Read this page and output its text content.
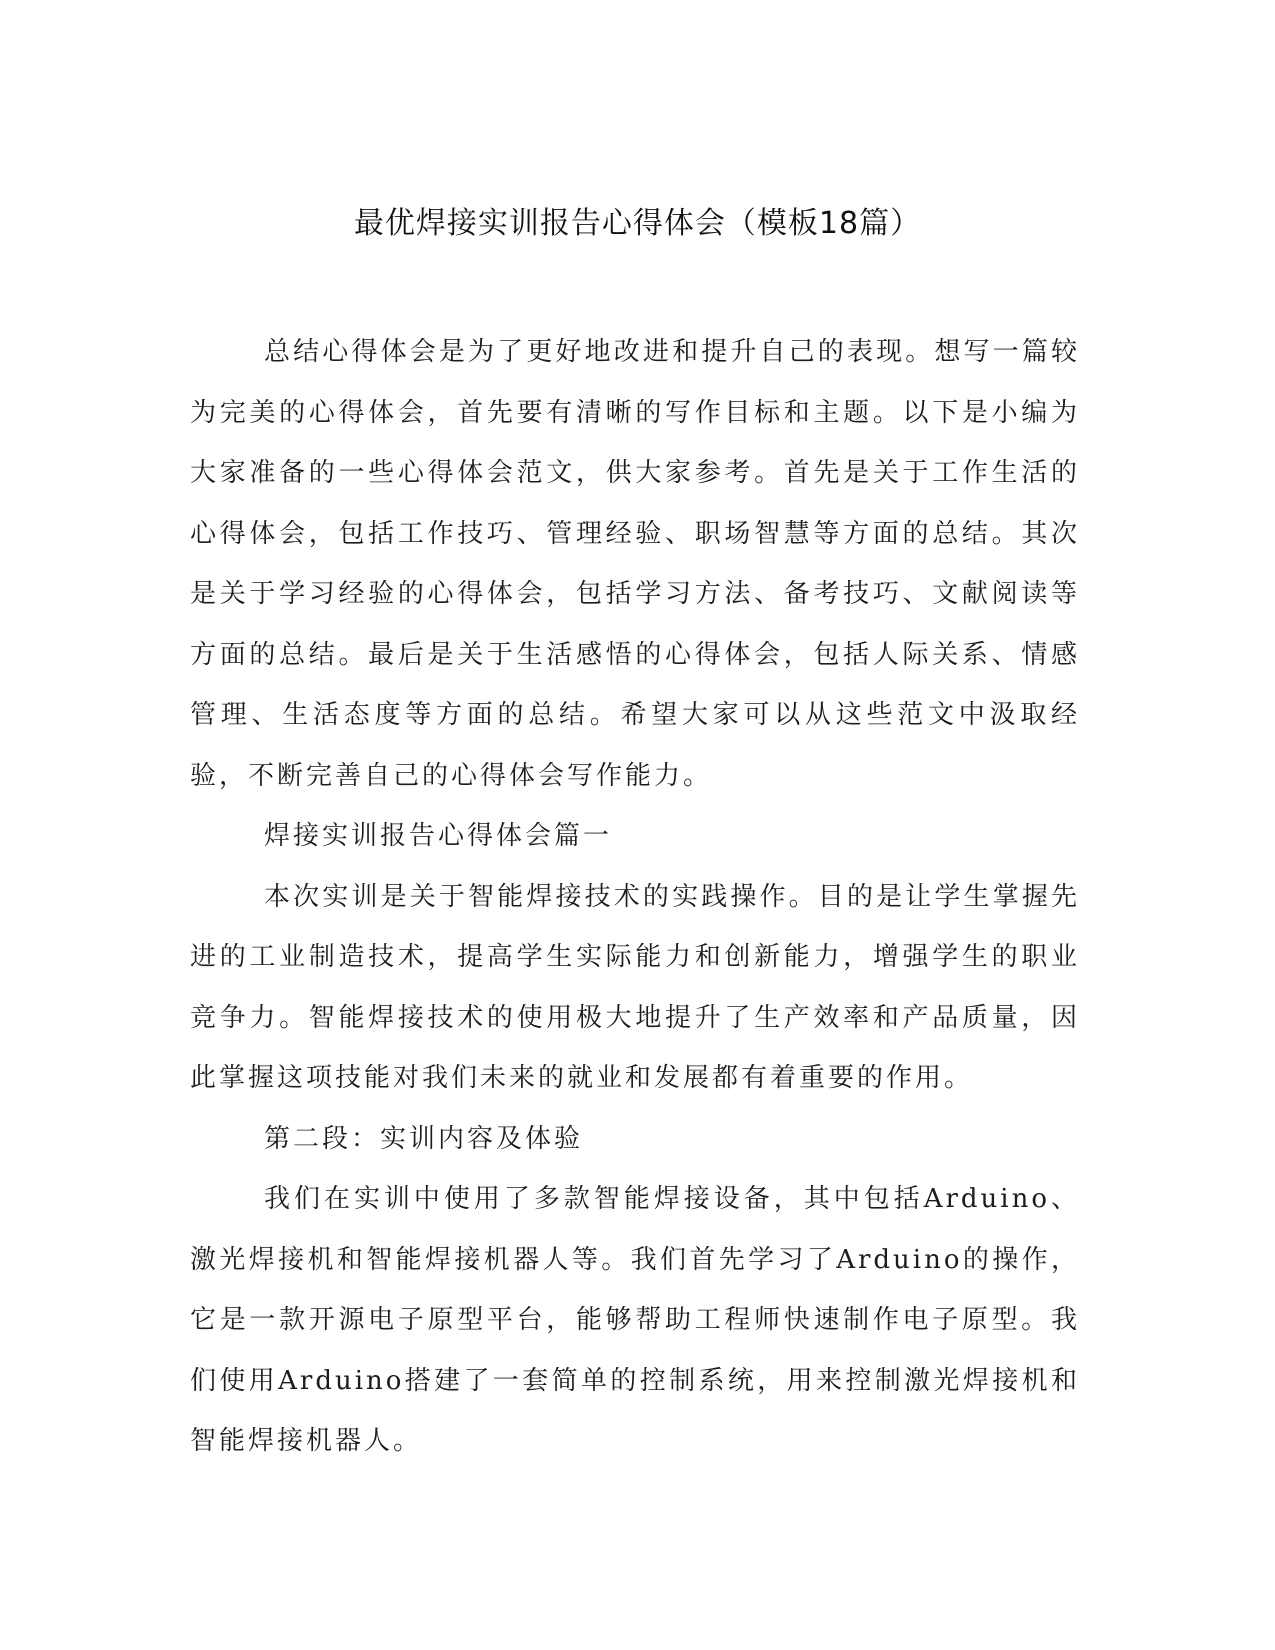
最优焊接实训报告心得体会（模板18篇）

总结心得体会是为了更好地改进和提升自己的表现。想写一篇较为完美的心得体会，首先要有清晰的写作目标和主题。以下是小编为大家准备的一些心得体会范文，供大家参考。首先是关于工作生活的心得体会，包括工作技巧、管理经验、职场智慧等方面的总结。其次是关于学习经验的心得体会，包括学习方法、备考技巧、文献阅读等方面的总结。最后是关于生活感悟的心得体会，包括人际关系、情感管理、生活态度等方面的总结。希望大家可以从这些范文中汲取经验，不断完善自己的心得体会写作能力。

焊接实训报告心得体会篇一

本次实训是关于智能焊接技术的实践操作。目的是让学生掌握先进的工业制造技术，提高学生实际能力和创新能力，增强学生的职业竞争力。智能焊接技术的使用极大地提升了生产效率和产品质量，因此掌握这项技能对我们未来的就业和发展都有着重要的作用。

第二段：实训内容及体验

我们在实训中使用了多款智能焊接设备，其中包括Arduino、激光焊接机和智能焊接机器人等。我们首先学习了Arduino的操作，它是一款开源电子原型平台，能够帮助工程师快速制作电子原型。我们使用Arduino搭建了一套简单的控制系统，用来控制激光焊接机和智能焊接机器人。
